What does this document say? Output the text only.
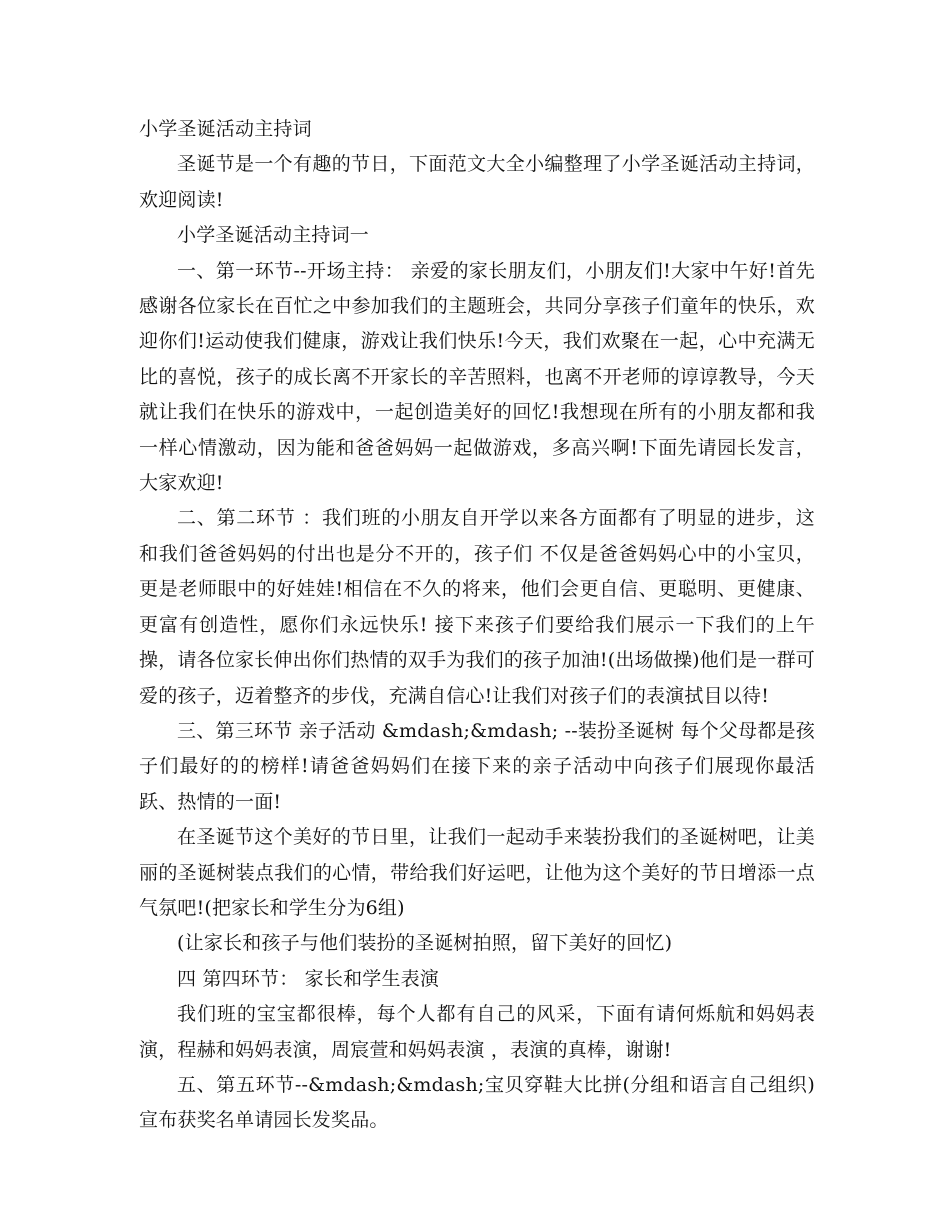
小学圣诞活动主持词

圣诞节是一个有趣的节日，下面范文大全小编整理了小学圣诞活动主持词，欢迎阅读!

小学圣诞活动主持词一

一、第一环节--开场主持： 亲爱的家长朋友们，小朋友们!大家中午好!首先感谢各位家长在百忙之中参加我们的主题班会，共同分享孩子们童年的快乐，欢迎你们!运动使我们健康，游戏让我们快乐!今天，我们欢聚在一起，心中充满无比的喜悦，孩子的成长离不开家长的辛苦照料，也离不开老师的谆谆教导，今天就让我们在快乐的游戏中，一起创造美好的回忆!我想现在所有的小朋友都和我一样心情激动，因为能和爸爸妈妈一起做游戏，多高兴啊!下面先请园长发言，大家欢迎!

二、第二环节 ：我们班的小朋友自开学以来各方面都有了明显的进步，这和我们爸爸妈妈的付出也是分不开的，孩子们 不仅是爸爸妈妈心中的小宝贝，更是老师眼中的好娃娃!相信在不久的将来，他们会更自信、更聪明、更健康、更富有创造性，愿你们永远快乐! 接下来孩子们要给我们展示一下我们的上午操，请各位家长伸出你们热情的双手为我们的孩子加油!(出场做操)他们是一群可爱的孩子，迈着整齐的步伐，充满自信心!让我们对孩子们的表演拭目以待!

三、第三环节 亲子活动 &mdash;&mdash; --装扮圣诞树 每个父母都是孩子们最好的的榜样!请爸爸妈妈们在接下来的亲子活动中向孩子们展现你最活跃、热情的一面!

在圣诞节这个美好的节日里，让我们一起动手来装扮我们的圣诞树吧，让美丽的圣诞树装点我们的心情，带给我们好运吧，让他为这个美好的节日增添一点气氛吧!(把家长和学生分为6组)

(让家长和孩子与他们装扮的圣诞树拍照，留下美好的回忆)

四 第四环节： 家长和学生表演

我们班的宝宝都很棒，每个人都有自己的风采，下面有请何烁航和妈妈表演，程赫和妈妈表演，周宸萱和妈妈表演 ，表演的真棒，谢谢!

五、第五环节--&mdash;&mdash;宝贝穿鞋大比拼(分组和语言自己组织) 宣布获奖名单请园长发奖品。
